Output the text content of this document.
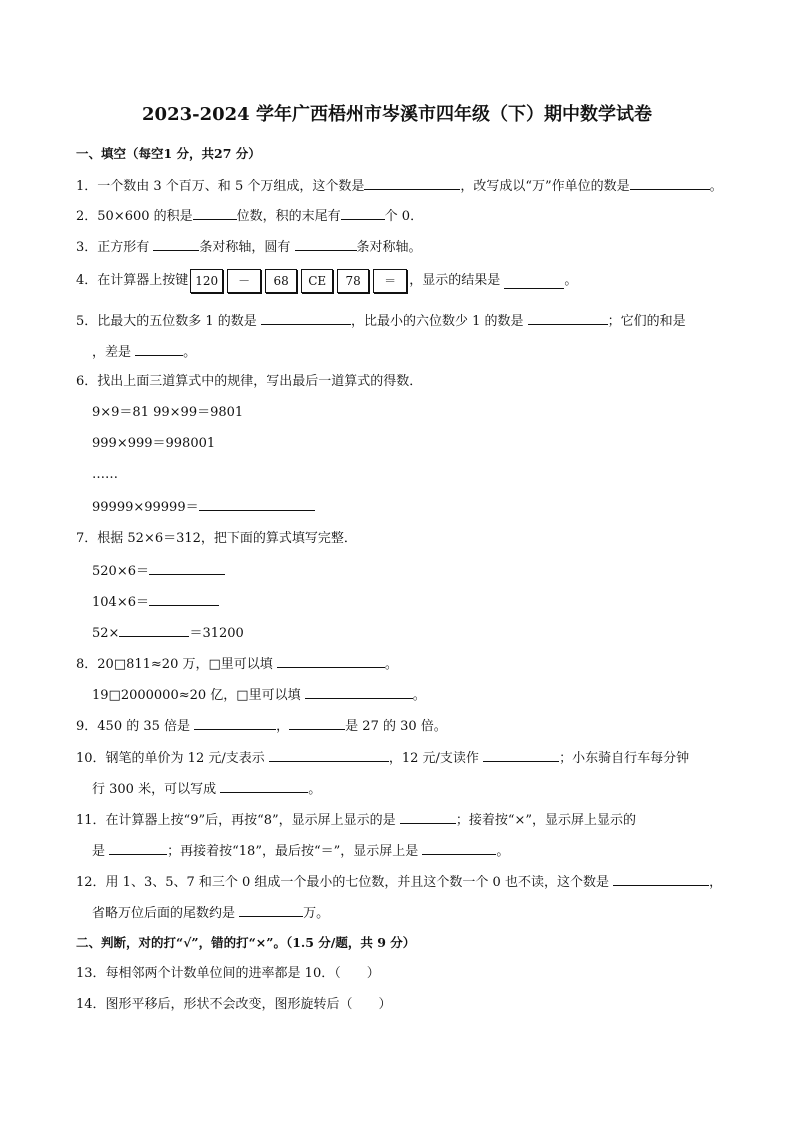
2023-2024 学年广西梧州市岑溪市四年级（下）期中数学试卷
一、填空（每空1 分，共27 分）
1．一个数由 3 个百万、和 5 个万组成，这个数是	，改写成以“万”作单位的数是	。
2．50×600 的积是	位数，积的末尾有	个 0．
3．正方形有	条对称轴，圆有	条对称轴。
4．在计算器上按键 120 － 68 CE 78 ＝ ，显示的结果是	。
5．比最大的五位数多 1 的数是	，比最小的六位数少 1 的数是	；它们的和是
，差是	。
6．找出上面三道算式中的规律，写出最后一道算式的得数．
9×9＝81 99×99＝9801
999×999＝998001
……
99999×99999＝
7．根据 52×6＝312，把下面的算式填写完整．
520×6＝
104×6＝
52×	＝31200
8．20□811≈20 万，□里可以填	。
19□2000000≈20 亿，□里可以填	。
9．450 的 35 倍是	，	是 27 的 30 倍。
10．钢笔的单价为 12 元/支表示	，12 元/支读作	；小东骑自行车每分钟
行 300 米，可以写成	。
11．在计算器上按“9”后，再按“8”，显示屏上显示的是	；接着按“×”，显示屏上显示的
是	；再接着按“18”，最后按“＝”，显示屏上是	。
12．用 1、3、5、7 和三个 0 组成一个最小的七位数，并且这个数一个 0 也不读，这个数是	，
省略万位后面的尾数约是	万。
二、判断，对的打“√”，错的打“×”。（1.5 分/题，共 9 分）
13．每相邻两个计数单位间的进率都是 10．（　　）
14．图形平移后，形状不会改变，图形旋转后（　　）
